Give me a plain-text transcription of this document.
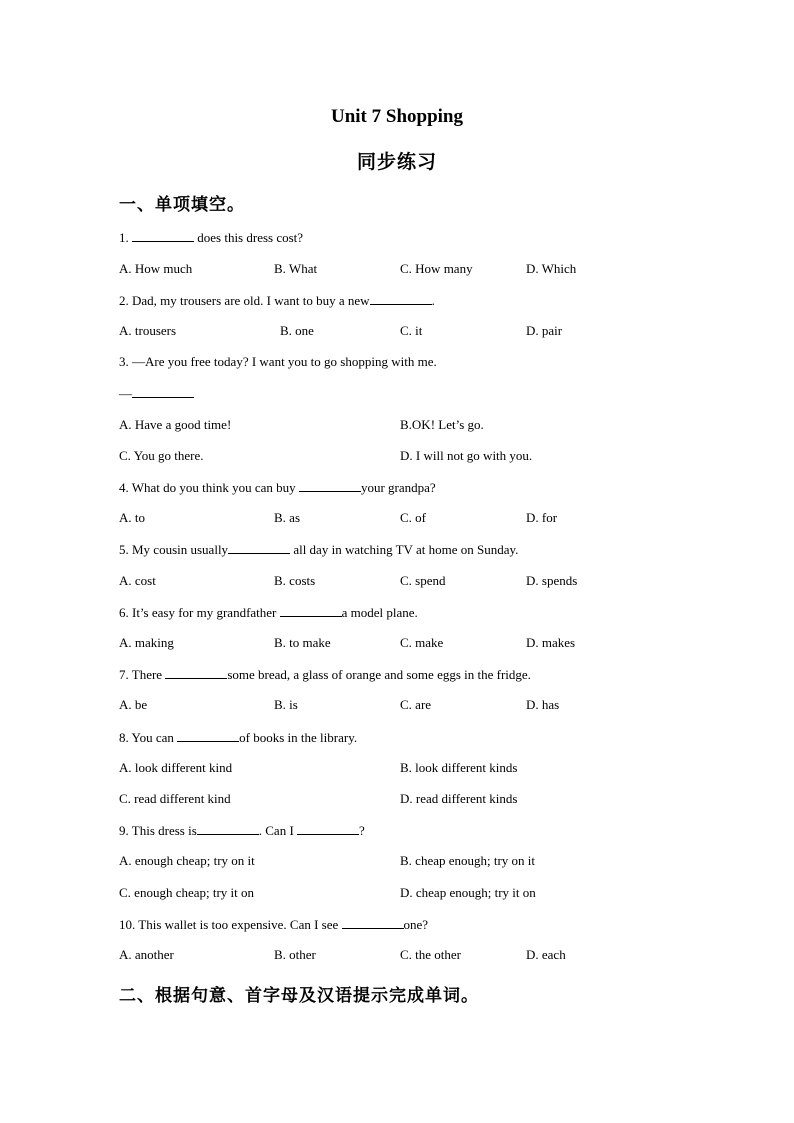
Unit 7 Shopping
同步练习
一、单项填空。
1.	does this dress cost?
A. How much	B. What	C. How many	D. Which
2. Dad, my trousers are old. I want to buy a new	.
A. trousers	B. one	C. it	D. pair
3. —Are you free today? I want you to go shopping with me.
—
A. Have a good time!	B.OK! Let’s go.
C. You go there.	D. I will not go with you.
4. What do you think you can buy	your grandpa?
A. to	B. as	C. of	D. for
5. My cousin usually	all day in watching TV at home on Sunday.
A. cost	B. costs	C. spend	D. spends
6. It’s easy for my grandfather	a model plane.
A. making	B. to make	C. make	D. makes
7. There	some bread, a glass of orange and some eggs in the fridge.
A. be	B. is	C. are	D. has
8. You can	of books in the library.
A. look different kind	B. look different kinds
C. read different kind	D. read different kinds
9. This dress is	. Can I	?
A. enough cheap; try on it	B. cheap enough; try on it
C. enough cheap; try it on	D. cheap enough; try it on
10. This wallet is too expensive. Can I see	one?
A. another	B. other	C. the other	D. each
二、根据句意、首字母及汉语提示完成单词。
